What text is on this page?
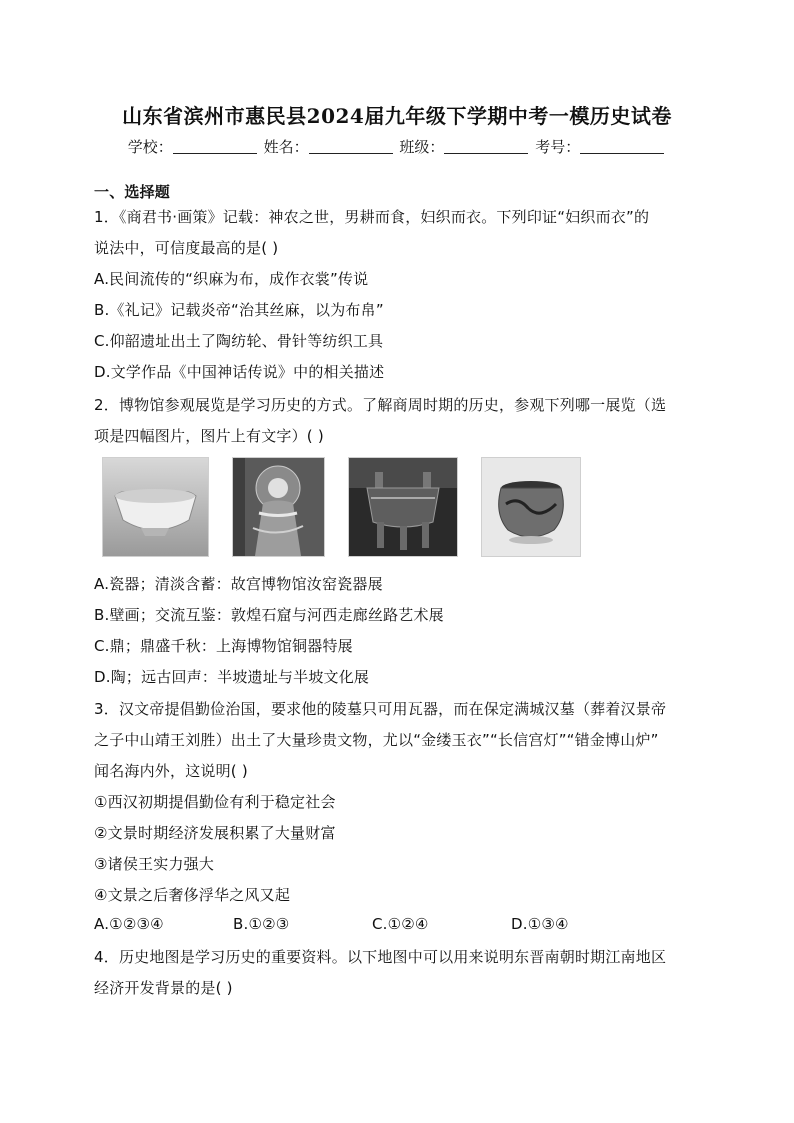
山东省滨州市惠民县2024届九年级下学期中考一模历史试卷
学校：	姓名：	班级：	考号：
一、选择题
1．《商君书·画策》记载：神农之世，男耕而食，妇织而衣。下列印证“妇织而衣”的
说法中，可信度最高的是( )
A.民间流传的“织麻为布，成作衣裳”传说
B.《礼记》记载炎帝“治其丝麻，以为布帛”
C.仰韶遗址出土了陶纺轮、骨针等纺织工具
D.文学作品《中国神话传说》中的相关描述
2．博物馆参观展览是学习历史的方式。了解商周时期的历史，参观下列哪一展览（选
项是四幅图片，图片上有文字）( )
A.瓷器；清淡含蓄：故宫博物馆汝窑瓷器展
B.壁画；交流互鉴：敦煌石窟与河西走廊丝路艺术展
C.鼎；鼎盛千秋：上海博物馆铜器特展
D.陶；远古回声：半坡遗址与半坡文化展
3．汉文帝提倡勤俭治国，要求他的陵墓只可用瓦器，而在保定满城汉墓（葬着汉景帝
之子中山靖王刘胜）出土了大量珍贵文物，尤以“金缕玉衣”“长信宫灯”“错金博山炉”
闻名海内外，这说明( )
①西汉初期提倡勤俭有利于稳定社会
②文景时期经济发展积累了大量财富
③诸侯王实力强大
④文景之后奢侈浮华之风又起
A.①②③④	B.①②③	C.①②④	D.①③④
4．历史地图是学习历史的重要资料。以下地图中可以用来说明东晋南朝时期江南地区
经济开发背景的是( )
